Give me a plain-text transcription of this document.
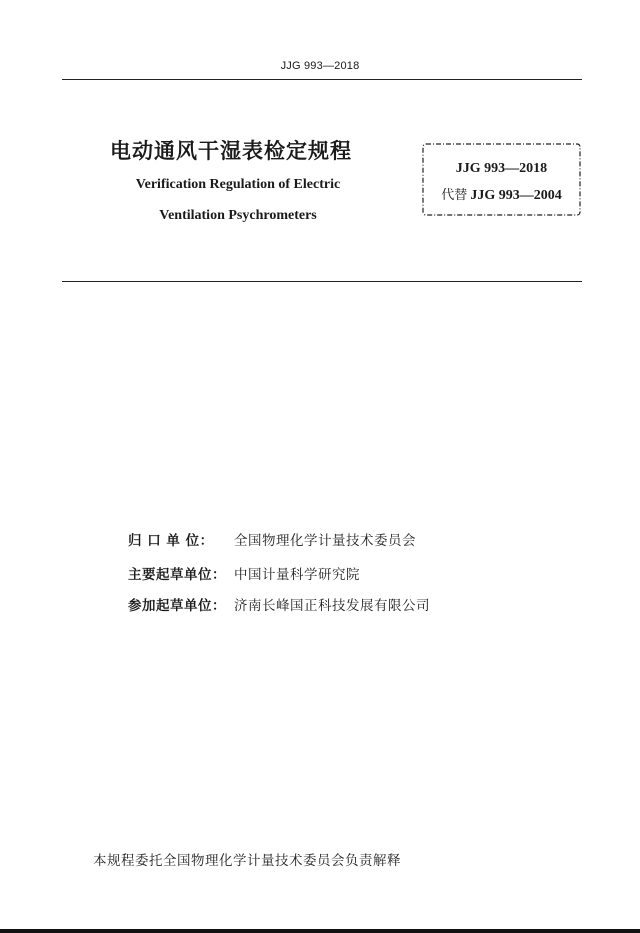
JJG 993—2018
电动通风干湿表检定规程
Verification Regulation of Electric
Ventilation Psychrometers
JJG 993—2018
代替 JJG 993—2004
归 口 单 位：	全国物理化学计量技术委员会
主要起草单位： 中国计量科学研究院
参加起草单位： 济南长峰国正科技发展有限公司
本规程委托全国物理化学计量技术委员会负责解释
